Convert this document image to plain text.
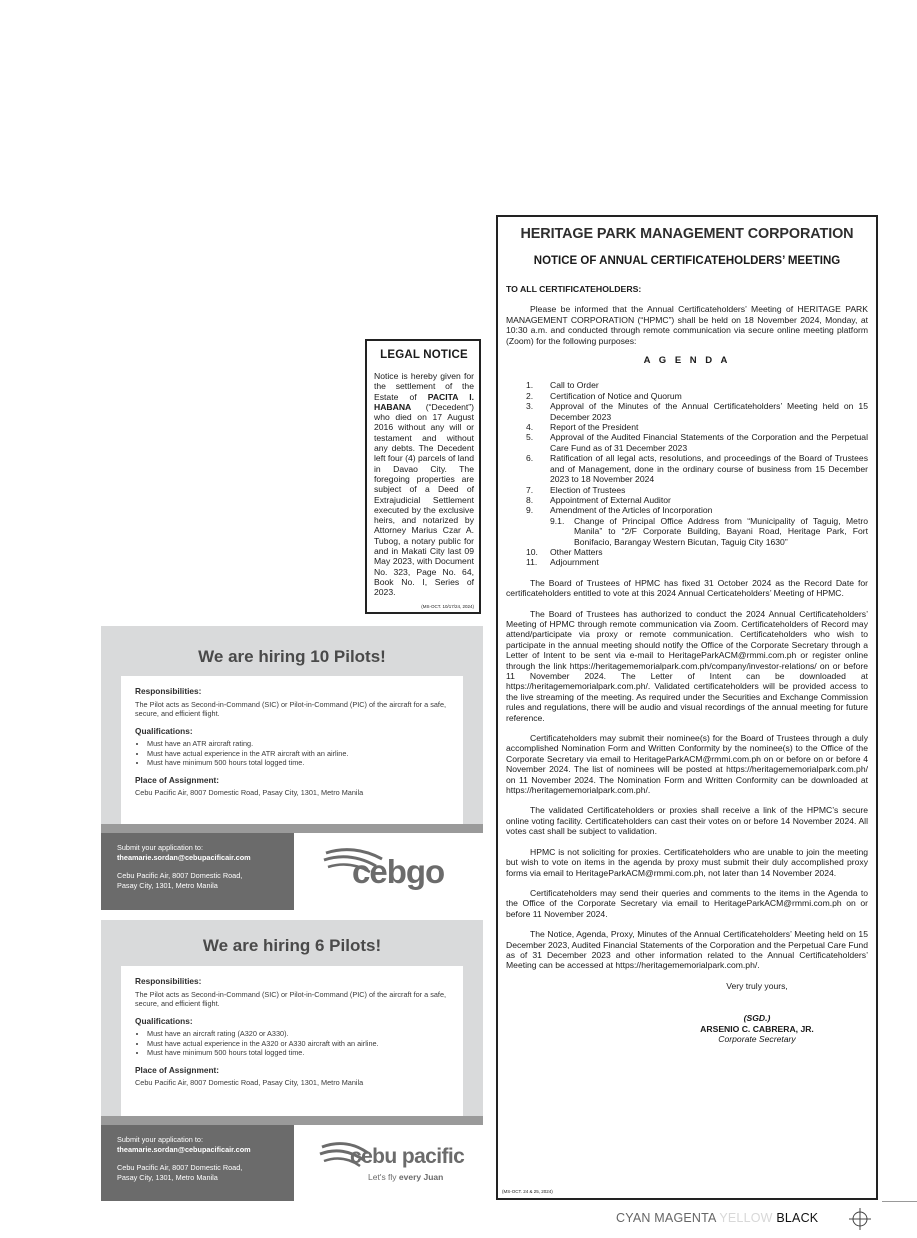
LEGAL NOTICE
Notice is hereby given for the settlement of the Estate of PACITA I. HABANA (“Decedent”) who died on 17 August 2016 without any will or testament and without any debts. The Decedent left four (4) parcels of land in Davao City. The foregoing properties are subject of a Deed of Extrajudicial Settlement executed by the exclusive heirs, and notarized by Attorney Marius Czar A. Tubog, a notary public for and in Makati City last 09 May 2023, with Document No. 323, Page No. 64, Book No. I, Series of 2023.
(MS-OCT. 10/17/24, 2024)
We are hiring 10 Pilots!
Responsibilities:
The Pilot acts as Second-in-Command (SIC) or Pilot-in-Command (PIC) of the aircraft for a safe, secure, and efficient flight.
Qualifications:
• Must have an ATR aircraft rating.
• Must have actual experience in the ATR aircraft with an airline.
• Must have minimum 500 hours total logged time.
Place of Assignment:
Cebu Pacific Air, 8007 Domestic Road, Pasay City, 1301, Metro Manila
Submit your application to:
theamarie.sordan@cebupacificair.com
Cebu Pacific Air, 8007 Domestic Road,
Pasay City, 1301, Metro Manila	cebgo
We are hiring 6 Pilots!
Responsibilities:
The Pilot acts as Second-in-Command (SIC) or Pilot-in-Command (PIC) of the aircraft for a safe, secure, and efficient flight.
Qualifications:
• Must have an aircraft rating (A320 or A330).
• Must have actual experience in the A320 or A330 aircraft with an airline.
• Must have minimum 500 hours total logged time.
Place of Assignment:
Cebu Pacific Air, 8007 Domestic Road, Pasay City, 1301, Metro Manila
Submit your application to:
theamarie.sordan@cebupacificair.com
Cebu Pacific Air, 8007 Domestic Road,
Pasay City, 1301, Metro Manila
cebu pacific
Let's fly every Juan
HERITAGE PARK MANAGEMENT CORPORATION
NOTICE OF ANNUAL CERTIFICATEHOLDERS’ MEETING
TO ALL CERTIFICATEHOLDERS:

Please be informed that the Annual Certificateholders’ Meeting of HERITAGE PARK MANAGEMENT CORPORATION (“HPMC”) shall be held on 18 November 2024, Monday, at 10:30 a.m. and conducted through remote communication via secure online meeting platform (Zoom) for the following purposes:

A G E N D A
1.	Call to Order
2.	Certification of Notice and Quorum
3.	Approval of the Minutes of the Annual Certificateholders’ Meeting held on 15 December 2023
4.	Report of the President
5.	Approval of the Audited Financial Statements of the Corporation and the Perpetual Care Fund as of 31 December 2023
6.	Ratification of all legal acts, resolutions, and proceedings of the Board of Trustees and of Management, done in the ordinary course of business from 15 December 2023 to 18 November 2024
7.	Election of Trustees
8.	Appointment of External Auditor
9.	Amendment of the Articles of Incorporation
9.1.	Change of Principal Office Address from “Municipality of Taguig, Metro Manila” to “2/F Corporate Building, Bayani Road, Heritage Park, Fort Bonifacio, Barangay Western Bicutan, Taguig City 1630”
10.	Other Matters
11.	Adjournment

The Board of Trustees of HPMC has fixed 31 October 2024 as the Record Date for certificateholders entitled to vote at this 2024 Annual Certicateholders’ Meeting of HPMC.

The Board of Trustees has authorized to conduct the 2024 Annual Certificateholders’ Meeting of HPMC through remote communication via Zoom. Certificateholders of Record may attend/participate via proxy or remote communication. Certificateholders who wish to participate in the annual meeting should notify the Office of the Corporate Secretary through a Letter of Intent to be sent via e-mail to HeritageParkACM@rmmi.com.ph or register online through the link https://heritagememorialpark.com.ph/company/investor-relations/ on or before 11 November 2024. The Letter of Intent can be downloaded at https://heritagememorialpark.com.ph/. Validated certificateholders will be provided access to the live streaming of the meeting. As required under the Securities and Exchange Commission rules and regulations, there will be audio and visual recordings of the annual meeting for future reference.

Certificateholders may submit their nominee(s) for the Board of Trustees through a duly accomplished Nomination Form and Written Conformity by the nominee(s) to the Office of the Corporate Secretary via email to HeritageParkACM@rmmi.com.ph on or before on or before 4 November 2024. The list of nominees will be posted at https://heritagememorialpark.com.ph/ on 11 November 2024. The Nomination Form and Written Conformity can be downloaded at https://heritagememorialpark.com.ph/.

The validated Certificateholders or proxies shall receive a link of the HPMC’s secure online voting facility. Certificateholders can cast their votes on or before 14 November 2024. All votes cast shall be subject to validation.

HPMC is not soliciting for proxies. Certificateholders who are unable to join the meeting but wish to vote on items in the agenda by proxy must submit their duly accomplished proxy forms via email to HeritageParkACM@rmmi.com.ph, not later than 14 November 2024.

Certificateholders may send their queries and comments to the items in the Agenda to the Office of the Corporate Secretary via email to HeritageParkACM@rmmi.com.ph on or before 11 November 2024.

The Notice, Agenda, Proxy, Minutes of the Annual Certificateholders’ Meeting held on 15 December 2023, Audited Financial Statements of the Corporation and the Perpetual Care Fund as of 31 December 2023 and other information related to the Annual Certificateholders’ Meeting can be accessed at https://heritagememorialpark.com.ph/.

Very truly yours,
(SGD.)
ARSENIO C. CABRERA, JR.
Corporate Secretary
(MS-OCT. 24 & 25, 2024)
CYAN MAGENTA YELLOW BLACK
